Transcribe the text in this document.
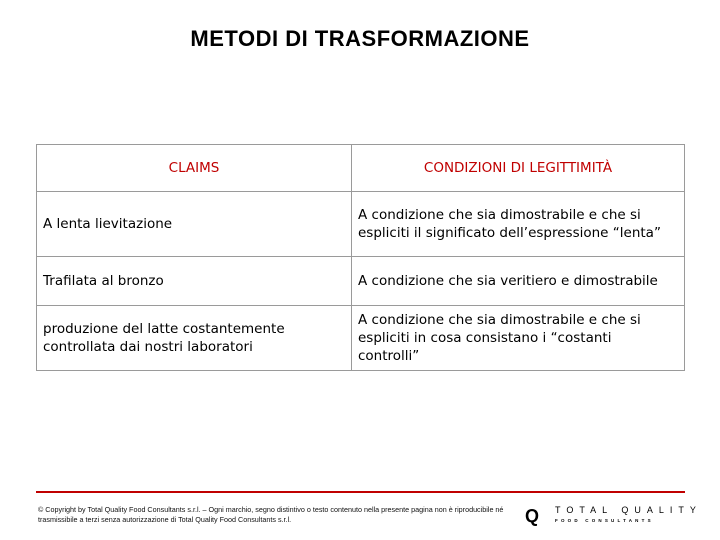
METODI DI TRASFORMAZIONE
CLAIMS	CONDIZIONI DI LEGITTIMITÀ
A lenta lievitazione	A condizione che sia dimostrabile e che si espliciti il significato dell’espressione “lenta”
Trafilata al bronzo	A condizione che sia veritiero e dimostrabile
produzione del latte costantemente controllata dai nostri laboratori	A condizione che sia dimostrabile e che si espliciti in cosa consistano i “costanti controlli”
© Copyright by Total Quality Food Consultants s.r.l. – Ogni marchio, segno distintivo o testo contenuto nella presente pagina non è riproducibile né trasmissibile a terzi senza autorizzazione di Total Quality Food Consultants s.r.l.	Q TOTAL QUALITY
FOOD CONSULTANTS
